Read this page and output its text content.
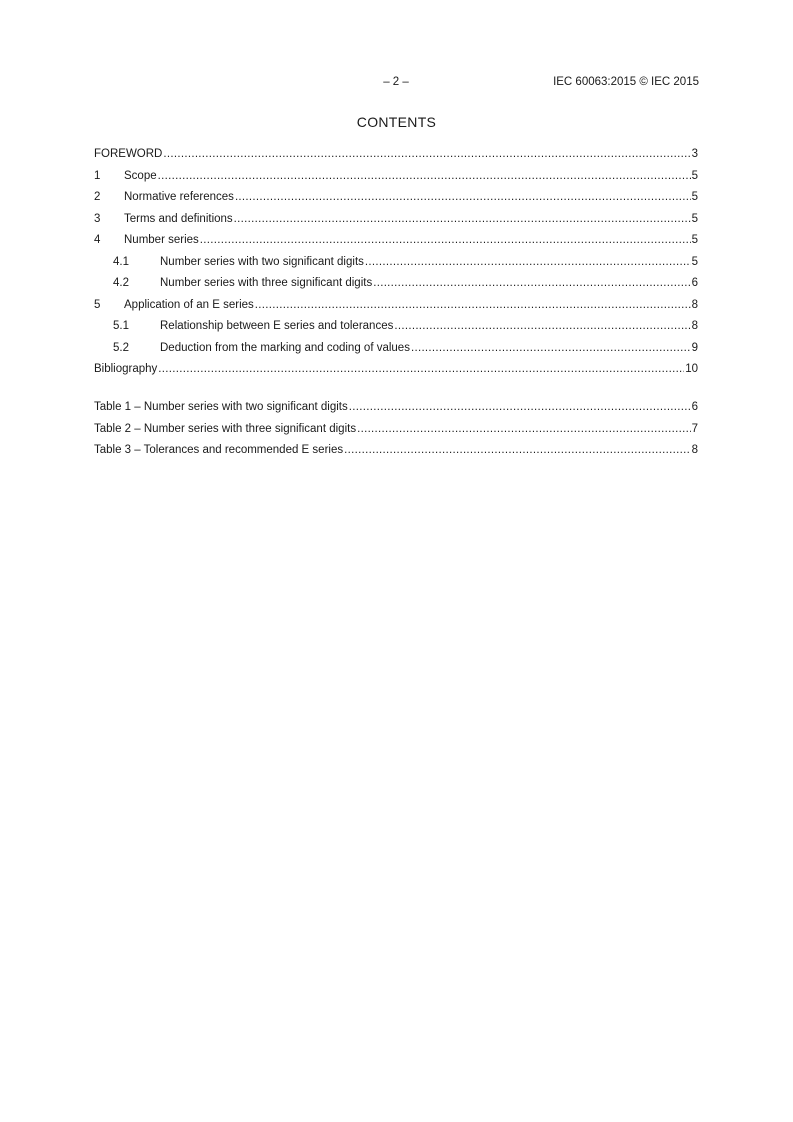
– 2 –	IEC 60063:2015 © IEC 2015
CONTENTS
FOREWORD .....	3
1	Scope .....	5
2	Normative references .....	5
3	Terms and definitions .....	5
4	Number series .....	5
4.1	Number series with two significant digits .....	5
4.2	Number series with three significant digits .....	6
5	Application of an E series .....	8
5.1	Relationship between E series and tolerances .....	8
5.2	Deduction from the marking and coding of values .....	9
Bibliography .....	10
Table 1 – Number series with two significant digits .....	6
Table 2 – Number series with three significant digits .....	7
Table 3 – Tolerances and recommended E series .....	8
